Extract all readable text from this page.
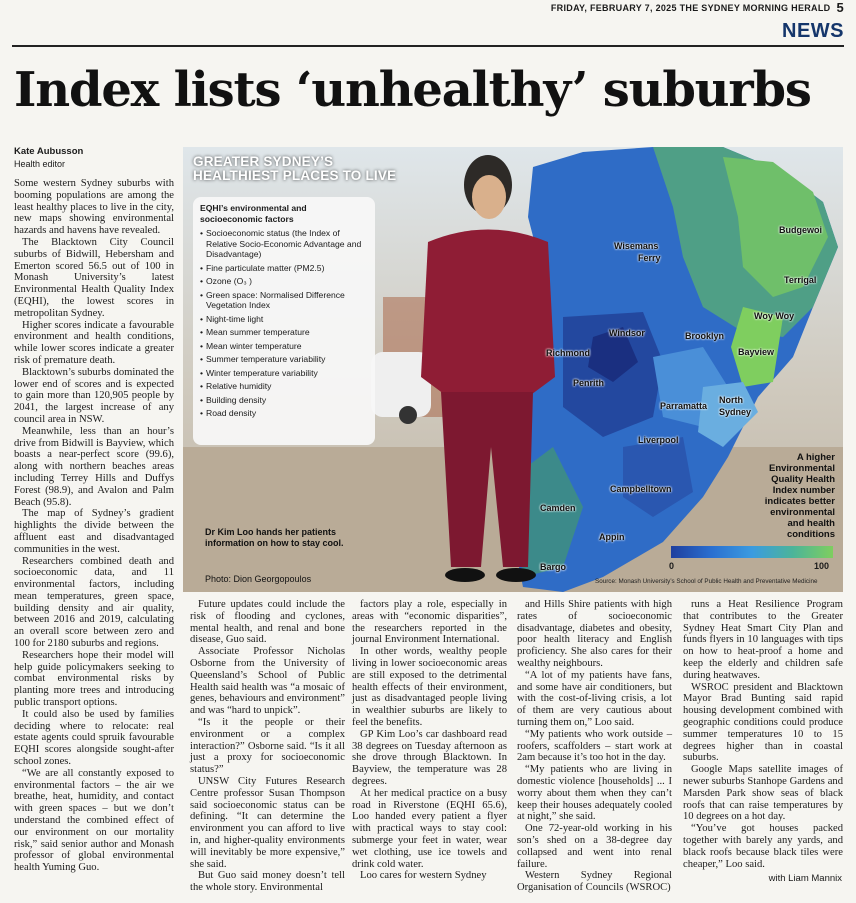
FRIDAY, FEBRUARY 7, 2025 THE SYDNEY MORNING HERALD 5
NEWS
Index lists ‘unhealthy’ suburbs
Kate Aubusson
Health editor

Some western Sydney suburbs with booming populations are among the least healthy places to live in the city, new maps showing environmental hazards and havens have revealed.

The Blacktown City Council suburbs of Bidwill, Hebersham and Emerton scored 56.5 out of 100 in Monash University’s latest Environmental Health Quality Index (EQHI), the lowest scores in metropolitan Sydney.

Higher scores indicate a favourable environment and health conditions, while lower scores indicate a greater risk of premature death.

Blacktown’s suburbs dominated the lower end of scores and is expected to gain more than 120,905 people by 2041, the largest increase of any council area in NSW.

Meanwhile, less than an hour’s drive from Bidwill is Bayview, which boasts a near-perfect score (99.6), along with northern beaches areas including Terrey Hills and Duffys Forest (98.9), and Avalon and Palm Beach (95.8).

The map of Sydney’s gradient highlights the divide between the affluent east and disadvantaged communities in the west.

Researchers combined death and socioeconomic data, and 11 environmental factors, including mean temperatures, green space, building density and air quality, between 2016 and 2019, calculating an overall score between zero and 100 for 2180 suburbs and regions.

Researchers hope their model will help guide policymakers seeking to combat environmental risks by planting more trees and introducing public transport options.

It could also be used by families deciding where to relocate: real estate agents could spruik favourable EQHI scores alongside sought-after school zones.

“We are all constantly exposed to environmental factors – the air we breathe, heat, humidity, and contact with green spaces – but we don’t understand the combined effect of our environment on our mortality risk,” said senior author and Monash professor of global environmental health Yuming Guo.

Future updates could include the risk of flooding and cyclones, mental health, and renal and bone disease, Guo said.

Associate Professor Nicholas Osborne from the University of Queensland’s School of Public Health said health was “a mosaic of genes, behaviours and environment” and was “hard to unpick”.

“Is it the people or their environment or a complex interaction?” Osborne said. “Is it all just a proxy for socioeconomic status?”

UNSW City Futures Research Centre professor Susan Thompson said socioeconomic status can be defining. “It can determine the environment you can afford to live in, and higher-quality environments will inevitably be more expensive,” she said.

But Guo said money doesn’t tell the whole story. Environmental

factors play a role, especially in areas with “economic disparities”, the researchers reported in the journal Environment International.

In other words, wealthy people living in lower socioeconomic areas are still exposed to the detrimental health effects of their environment, just as disadvantaged people living in wealthier suburbs are likely to feel the benefits.

GP Kim Loo’s car dashboard read 38 degrees on Tuesday afternoon as she drove through Blacktown. In Bayview, the temperature was 28 degrees.

At her medical practice on a busy road in Riverstone (EQHI 65.6), Loo handed every patient a flyer with practical ways to stay cool: submerge your feet in water, wear wet clothing, use ice towels and drink cold water.

Loo cares for western Sydney

and Hills Shire patients with high rates of socioeconomic disadvantage, diabetes and obesity, poor health literacy and English proficiency. She also cares for their wealthy neighbours.

“A lot of my patients have fans, and some have air conditioners, but with the cost-of-living crisis, a lot of them are very cautious about turning them on,” Loo said.

“My patients who work outside – roofers, scaffolders – start work at 2am because it’s too hot in the day.

“My patients who are living in domestic violence [households] ... I worry about them when they can’t keep their houses adequately cooled at night,” she said.

One 72-year-old working in his son’s shed on a 38-degree day collapsed and went into renal failure.

Western Sydney Regional Organisation of Councils (WSROC)

runs a Heat Resilience Program that contributes to the Greater Sydney Heat Smart City Plan and funds flyers in 10 languages with tips on how to heat-proof a home and keep the elderly and children safe during heatwaves.

WSROC president and Blacktown Mayor Brad Bunting said rapid housing development combined with geographic conditions could produce summer temperatures 10 to 15 degrees higher than in coastal suburbs.

Google Maps satellite images of newer suburbs Stanhope Gardens and Marsden Park show seas of black roofs that can raise temperatures by 10 degrees on a hot day.

“You’ve got houses packed together with barely any yards, and black roofs because black tiles were cheaper,” Loo said.

with Liam Mannix
GREATER SYDNEY’S
HEALTHIEST PLACES TO LIVE
EQHI’s environmental and socioeconomic factors
• Socioeconomic status (the Index of Relative Socio-Economic Advantage and Disadvantage)
• Fine particulate matter (PM2.5)
• Ozone (O₃ )
• Green space: Normalised Difference Vegetation Index
• Night-time light
• Mean summer temperature
• Mean winter temperature
• Summer temperature variability
• Winter temperature variability
• Relative humidity
• Building density
• Road density
Dr Kim Loo hands her patients information on how to stay cool.
Photo: Dion Georgopoulos
Budgewoi
Wisemans
Ferry
Terrigal
Woy Woy
Windsor	Brooklyn
Richmond	Bayview
Penrith
North
Sydney
Parramatta
Liverpool
Campbelltown
Camden
Appin
Bargo
A higher Environmental Quality Health Index number indicates better environmental and health conditions
0	100
Source: Monash University’s School of Public Health and Preventative Medicine
